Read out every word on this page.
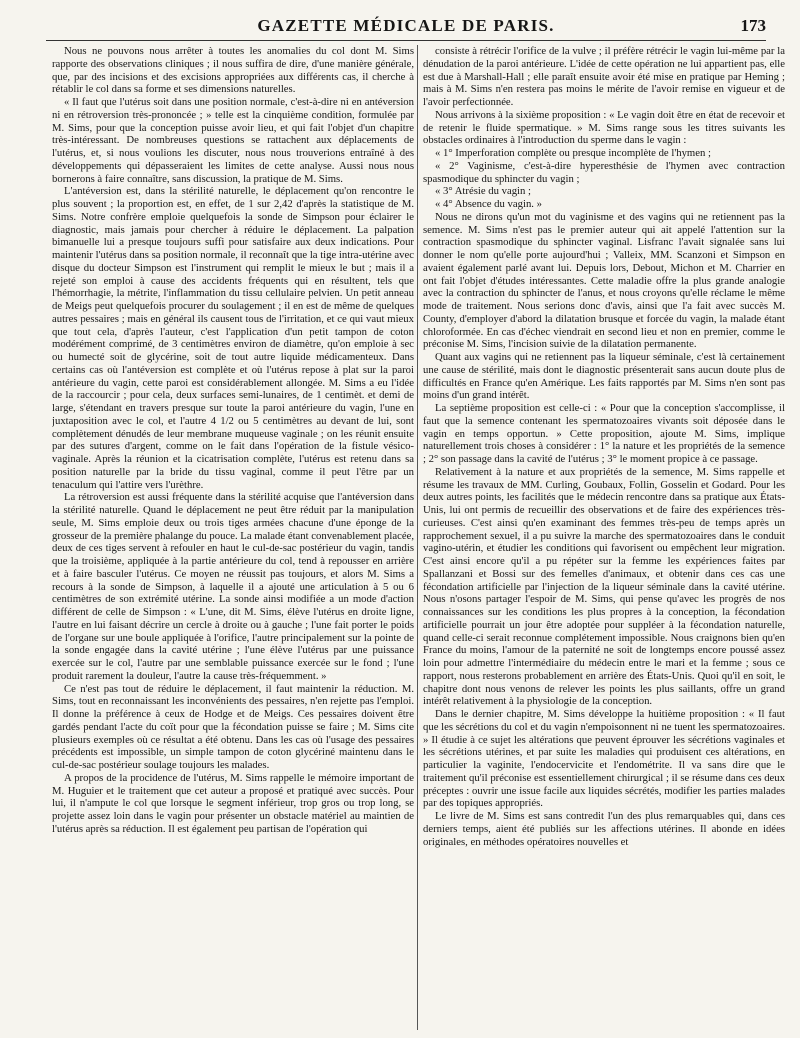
GAZETTE MÉDICALE DE PARIS.	173

Nous ne pouvons nous arrêter à toutes les anomalies du col dont M. Sims rapporte des observations cliniques ; il nous suffira de dire, d'une manière générale, que, par des incisions et des excisions appropriées aux différents cas, il cherche à rétablir le col dans sa forme et ses dimensions naturelles.

« Il faut que l'utérus soit dans une position normale, c'est-à-dire ni en antéversion ni en rétroversion très-prononcée ; » telle est la cinquième condition, formulée par M. Sims, pour que la conception puisse avoir lieu, et qui fait l'objet d'un chapitre très-intéressant. De nombreuses questions se rattachent aux déplacements de l'utérus, et, si nous voulions les discuter, nous nous trouverions entraîné à des développements qui dépasseraient les limites de cette analyse. Aussi nous nous bornerons à faire connaître, sans discussion, la pratique de M. Sims.

L'antéversion est, dans la stérilité naturelle, le déplacement qu'on rencontre le plus souvent ; la proportion est, en effet, de 1 sur 2,42 d'après la statistique de M. Sims. Notre confrère emploie quelquefois la sonde de Simpson pour éclairer le diagnostic, mais jamais pour chercher à réduire le déplacement. La palpation bimanuelle lui a presque toujours suffi pour satisfaire aux deux indications. Pour maintenir l'utérus dans sa position normale, il reconnaît que la tige intra-utérine avec disque du docteur Simpson est l'instrument qui remplit le mieux le but ; mais il a rejeté son emploi à cause des accidents fréquents qui en résultent, tels que l'hémorrhagie, la métrite, l'inflammation du tissu cellulaire pelvien. Un petit anneau de Meigs peut quelquefois procurer du soulagement ; il en est de même de quelques autres pessaires ; mais en général ils causent tous de l'irritation, et ce qui vaut mieux que tout cela, d'après l'auteur, c'est l'application d'un petit tampon de coton modérément comprimé, de 3 centimètres environ de diamètre, qu'on emploie à sec ou humecté soit de glycérine, soit de tout autre liquide médicamenteux. Dans certains cas où l'antéversion est complète et où l'utérus repose à plat sur la paroi antérieure du vagin, cette paroi est considérablement allongée. M. Sims a eu l'idée de la raccourcir ; pour cela, deux surfaces semi-lunaires, de 1 centimèt. et demi de large, s'étendant en travers presque sur toute la paroi antérieure du vagin, l'une en juxtaposition avec le col, et l'autre 4 1/2 ou 5 centimètres au devant de lui, sont complètement dénudés de leur membrane muqueuse vaginale ; on les réunit ensuite par des sutures d'argent, comme on le fait dans l'opération de la fistule vésico-vaginale. Après la réunion et la cicatrisation complète, l'utérus est retenu dans sa position naturelle par la bride du tissu vaginal, comme il peut l'être par un tenaculum qui l'attire vers l'urèthre.

La rétroversion est aussi fréquente dans la stérilité acquise que l'antéversion dans la stérilité naturelle. Quand le déplacement ne peut être réduit par la manipulation seule, M. Sims emploie deux ou trois tiges armées chacune d'une éponge de la grosseur de la première phalange du pouce. La malade étant convenablement placée, deux de ces tiges servent à refouler en haut le cul-de-sac postérieur du vagin, tandis que la troisième, appliquée à la partie antérieure du col, tend à repousser en arrière et à faire basculer l'utérus. Ce moyen ne réussit pas toujours, et alors M. Sims a recours à la sonde de Simpson, à laquelle il a ajouté une articulation à 5 ou 6 centimètres de son extrémité utérine. La sonde ainsi modifiée a un mode d'action différent de celle de Simpson : « L'une, dit M. Sims, élève l'utérus en droite ligne, l'autre en lui faisant décrire un cercle à droite ou à gauche ; l'une fait porter le poids de l'organe sur une boule appliquée à l'orifice, l'autre principalement sur la pointe de la sonde engagée dans la cavité utérine ; l'une élève l'utérus par une puissance exercée sur le col, l'autre par une semblable puissance exercée sur le fond ; l'une produit rarement la douleur, l'autre la cause très-fréquemment. »

Ce n'est pas tout de réduire le déplacement, il faut maintenir la réduction. M. Sims, tout en reconnaissant les inconvénients des pessaires, n'en rejette pas l'emploi. Il donne la préférence à ceux de Hodge et de Meigs. Ces pessaires doivent être gardés pendant l'acte du coït pour que la fécondation puisse se faire ; M. Sims cite plusieurs exemples où ce résultat a été obtenu. Dans les cas où l'usage des pessaires précédents est impossible, un simple tampon de coton glycériné maintenu dans le cul-de-sac postérieur soulage toujours les malades.

A propos de la procidence de l'utérus, M. Sims rappelle le mémoire important de M. Huguier et le traitement que cet auteur a proposé et pratiqué avec succès. Pour lui, il n'ampute le col que lorsque le segment inférieur, trop gros ou trop long, se projette assez loin dans le vagin pour présenter un obstacle matériel au maintien de l'utérus après sa réduction. Il est également peu partisan de l'opération qui

consiste à rétrécir l'orifice de la vulve ; il préfère rétrécir le vagin lui-même par la dénudation de la paroi antérieure. L'idée de cette opération ne lui appartient pas, elle est due à Marshall-Hall ; elle paraît ensuite avoir été mise en pratique par Heming ; mais à M. Sims n'en restera pas moins le mérite de l'avoir remise en vigueur et de l'avoir perfectionnée.

Nous arrivons à la sixième proposition : « Le vagin doit être en état de recevoir et de retenir le fluide spermatique. » M. Sims range sous les titres suivants les obstacles ordinaires à l'introduction du sperme dans le vagin :

« 1° Imperforation complète ou presque incomplète de l'hymen ;

« 2° Vaginisme, c'est-à-dire hyperesthésie de l'hymen avec contraction spasmodique du sphincter du vagin ;

« 3° Atrésie du vagin ;

« 4° Absence du vagin. »

Nous ne dirons qu'un mot du vaginisme et des vagins qui ne retiennent pas la semence. M. Sims n'est pas le premier auteur qui ait appelé l'attention sur la contraction spasmodique du sphincter vaginal. Lisfranc l'avait signalée sans lui donner le nom qu'elle porte aujourd'hui ; Valleix, MM. Scanzoni et Simpson en avaient également parlé avant lui. Depuis lors, Debout, Michon et M. Charrier en ont fait l'objet d'études intéressantes. Cette maladie offre la plus grande analogie avec la contraction du sphincter de l'anus, et nous croyons qu'elle réclame le même mode de traitement. Nous serions donc d'avis, ainsi que l'a fait avec succès M. County, d'employer d'abord la dilatation brusque et forcée du vagin, la malade étant chloroformée. En cas d'échec viendrait en second lieu et non en premier, comme le préconise M. Sims, l'incision suivie de la dilatation permanente.

Quant aux vagins qui ne retiennent pas la liqueur séminale, c'est là certainement une cause de stérilité, mais dont le diagnostic présenterait sans aucun doute plus de difficultés en France qu'en Amérique. Les faits rapportés par M. Sims n'en sont pas moins d'un grand intérêt.

La septième proposition est celle-ci : « Pour que la conception s'accomplisse, il faut que la semence contenant les spermatozoaires vivants soit déposée dans le vagin en temps opportun. » Cette proposition, ajoute M. Sims, implique naturellement trois choses à considérer : 1° la nature et les propriétés de la semence ; 2° son passage dans la cavité de l'utérus ; 3° le moment propice à ce passage.

Relativement à la nature et aux propriétés de la semence, M. Sims rappelle et résume les travaux de MM. Curling, Goubaux, Follin, Gosselin et Godard. Pour les deux autres points, les facilités que le médecin rencontre dans sa pratique aux États-Unis, lui ont permis de recueillir des observations et de faire des expériences très-curieuses. C'est ainsi qu'en examinant des femmes très-peu de temps après un rapprochement sexuel, il a pu suivre la marche des spermatozoaires dans le conduit vagino-utérin, et étudier les conditions qui favorisent ou empêchent leur migration. C'est ainsi encore qu'il a pu répéter sur la femme les expériences faites par Spallanzani et Bossi sur des femelles d'animaux, et obtenir dans ces cas une fécondation artificielle par l'injection de la liqueur séminale dans la cavité utérine. Nous n'osons partager l'espoir de M. Sims, qui pense qu'avec les progrès de nos connaissances sur les conditions les plus propres à la conception, la fécondation artificielle pourrait un jour être adoptée pour suppléer à la fécondation naturelle, quand celle-ci serait reconnue complétement impossible. Nous craignons bien qu'en France du moins, l'amour de la paternité ne soit de longtemps encore poussé assez loin pour admettre l'intermédiaire du médecin entre le mari et la femme ; sous ce rapport, nous resterons probablement en arrière des États-Unis. Quoi qu'il en soit, le chapitre dont nous venons de relever les points les plus saillants, offre un grand intérêt relativement à la physiologie de la conception.

Dans le dernier chapitre, M. Sims développe la huitième proposition : « Il faut que les sécrétions du col et du vagin n'empoisonnent ni ne tuent les spermatozoaires. » Il étudie à ce sujet les altérations que peuvent éprouver les sécrétions vaginales et les sécrétions utérines, et par suite les maladies qui produisent ces altérations, en particulier la vaginite, l'endocervicite et l'endométrite. Il va sans dire que le traitement qu'il préconise est essentiellement chirurgical ; il se résume dans ces deux préceptes : ouvrir une issue facile aux liquides sécrétés, modifier les parties malades par des topiques appropriés.

Le livre de M. Sims est sans contredit l'un des plus remarquables qui, dans ces derniers temps, aient été publiés sur les affections utérines. Il abonde en idées originales, en méthodes opératoires nouvelles et
